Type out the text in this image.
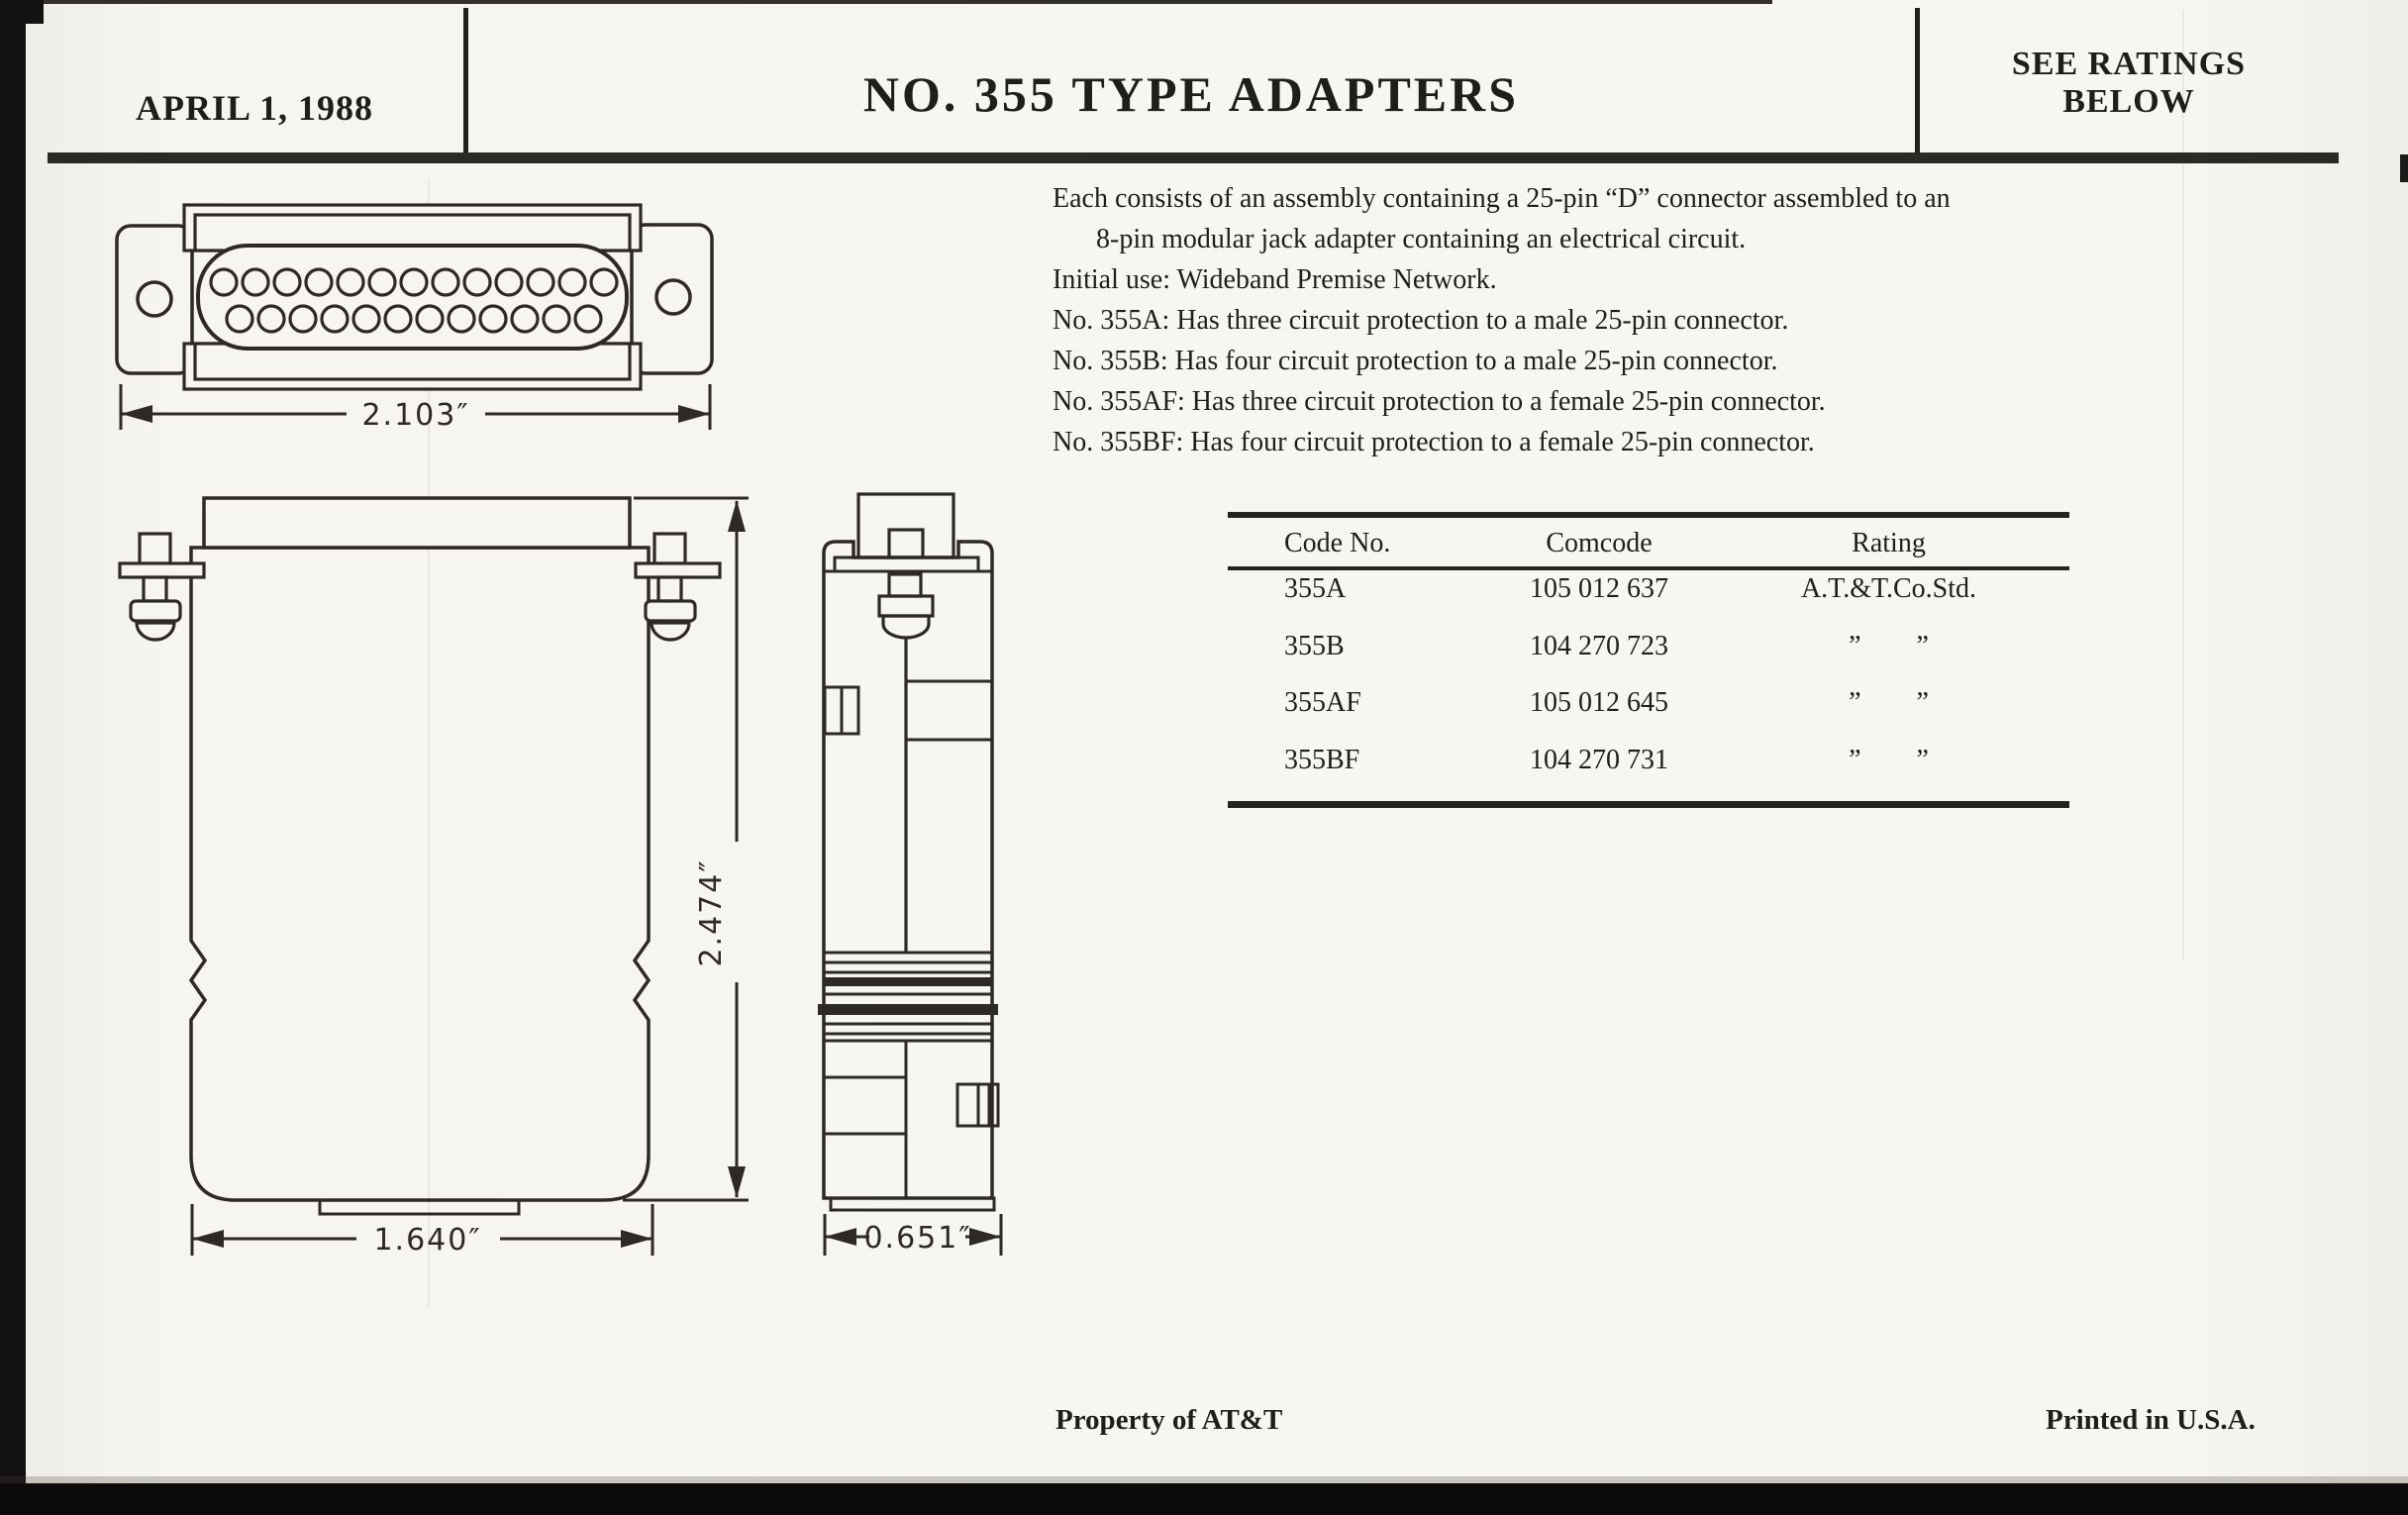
APRIL 1, 1988	NO. 355 TYPE ADAPTERS
SEE RATINGS
BELOW
Each consists of an assembly containing a 25-pin “D” connector assembled to an
8-pin modular jack adapter containing an electrical circuit.
Initial use: Wideband Premise Network.
No. 355A: Has three circuit protection to a male 25-pin connector.
No. 355B: Has four circuit protection to a male 25-pin connector.
No. 355AF: Has three circuit protection to a female 25-pin connector.
No. 355BF: Has four circuit protection to a female 25-pin connector.
Code No.	Comcode	Rating
355A	105 012 637	A.T.&T.Co.Std.
355B	104 270 723	”        ”
355AF	105 012 645	”        ”
355BF	104 270 731	”        ”
2.103″
2.474″
1.640″	0.651″
Property of AT&T	Printed in U.S.A.
